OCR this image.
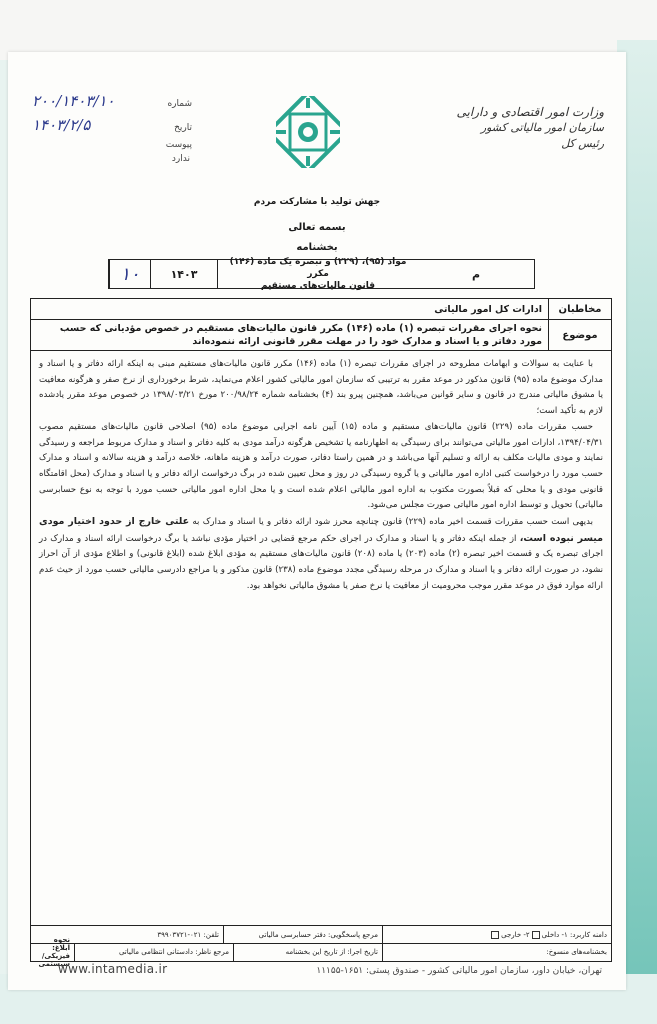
وزارت امور اقتصادی و دارایی
سازمان امور مالیاتی کشور
رئیس کل
شماره
۲۰۰/۱۴۰۳/۱۰
تاریخ
۱۴۰۳/۲/۵
پیوست
ندارد
جهش تولید با مشارکت مردم
بسمه تعالی
بخشنامه
۱۰	۱۴۰۳
مواد (۹۵)، (۲۲۹) و تبصره یک ماده (۱۴۶) مکرر
قانون مالیات‌های مستقیم
م
مخاطبان
ادارات کل امور مالیاتی
موضوع
نحوه اجرای مقررات تبصره (۱) ماده (۱۴۶) مکرر قانون مالیات‌های مستقیم در خصوص مؤدیانی که حسب مورد دفاتر و یا اسناد و مدارک خود را در مهلت مقرر قانونی ارائه ننموده‌اند

با عنایت به سوالات و ابهامات مطروحه در اجرای مقررات تبصره (۱) ماده (۱۴۶) مکرر قانون مالیات‌های مستقیم مبنی به اینکه ارائه دفاتر و یا اسناد و مدارک موضوع ماده (۹۵) قانون مذکور در موعد مقرر به ترتیبی که سازمان امور مالیاتی کشور اعلام می‌نماید، شرط برخورداری از نرخ صفر و هرگونه معافیت یا مشوق مالیاتی مندرج در قانون و سایر قوانین می‌باشد، همچنین پیرو بند (۴) بخشنامه شماره ۲۰۰/۹۸/۲۴ مورخ ۱۳۹۸/۰۳/۲۱ در خصوص موعد مقرر یادشده لازم به تأکید است؛

حسب مقررات ماده (۲۲۹) قانون مالیات‌های مستقیم و ماده (۱۵) آیین نامه اجرایی موضوع ماده (۹۵) اصلاحی قانون مالیات‌های مستقیم مصوب ۱۳۹۴/۰۴/۳۱، ادارات امور مالیاتی می‌توانند برای رسیدگی به اظهارنامه یا تشخیص هرگونه درآمد مودی به کلیه دفاتر و اسناد و مدارک مربوط مراجعه و رسیدگی نمایند و مودی مالیات مکلف به ارائه و تسلیم آنها می‌باشد و در همین راستا دفاتر، صورت درآمد و هزینه ماهانه، خلاصه درآمد و هزینه سالانه و اسناد و مدارک حسب مورد را درخواست کتبی اداره امور مالیاتی و یا گروه رسیدگی در روز و محل تعیین شده در برگ درخواست ارائه دفاتر و یا اسناد و مدارک (محل اقامتگاه قانونی مودی و یا محلی که قبلاً بصورت مکتوب به اداره امور مالیاتی اعلام شده است و یا محل اداره امور مالیاتی حسب مورد با توجه به نوع حسابرسی مالیاتی) تحویل و توسط اداره امور مالیاتی صورت مجلس می‌شود.

بدیهی است حسب مقررات قسمت اخیر ماده (۲۲۹) قانون چنانچه محرز شود ارائه دفاتر و یا اسناد و مدارک به علتی خارج از حدود اختیار مودی میسر نبوده است، از جمله اینکه دفاتر و یا اسناد و مدارک در اجرای حکم مرجع قضایی در اختیار مؤدی نباشد یا برگ درخواست ارائه اسناد و مدارک در اجرای تبصره یک و قسمت اخیر تبصره (۲) ماده (۲۰۳) یا ماده (۲۰۸) قانون مالیات‌های مستقیم به مؤدی ابلاغ شده (ابلاغ قانونی) و اطلاع مؤدی از آن احراز نشود، در صورت ارائه دفاتر و یا اسناد و مدارک در مرحله رسیدگی مجدد موضوع ماده (۲۳۸) قانون مذکور و یا مراجع دادرسی مالیاتی حسب مورد از حیث عدم ارائه موارد فوق در موعد مقرر موجب محرومیت از معافیت یا نرخ صفر یا مشوق مالیاتی نخواهد بود.

دامنه کاربرد: ۱- داخلی
۲- خارجی
مرجع پاسخگویی: دفتر حسابرسی مالیاتی
تلفن: ۰۲۱-۳۹۹۰۳۷۲۱
بخشنامه‌های منسوخ:
تاریخ اجرا: از تاریخ این بخشنامه
مرجع ناظر: دادستانی انتظامی مالیاتی
نحوه ابلاغ: فیزیکی/ سیستمی
www.intamedia.ir	تهران، خیابان داور، سازمان امور مالیاتی کشور - صندوق پستی: ۱۶۵۱-۱۱۱۵۵
